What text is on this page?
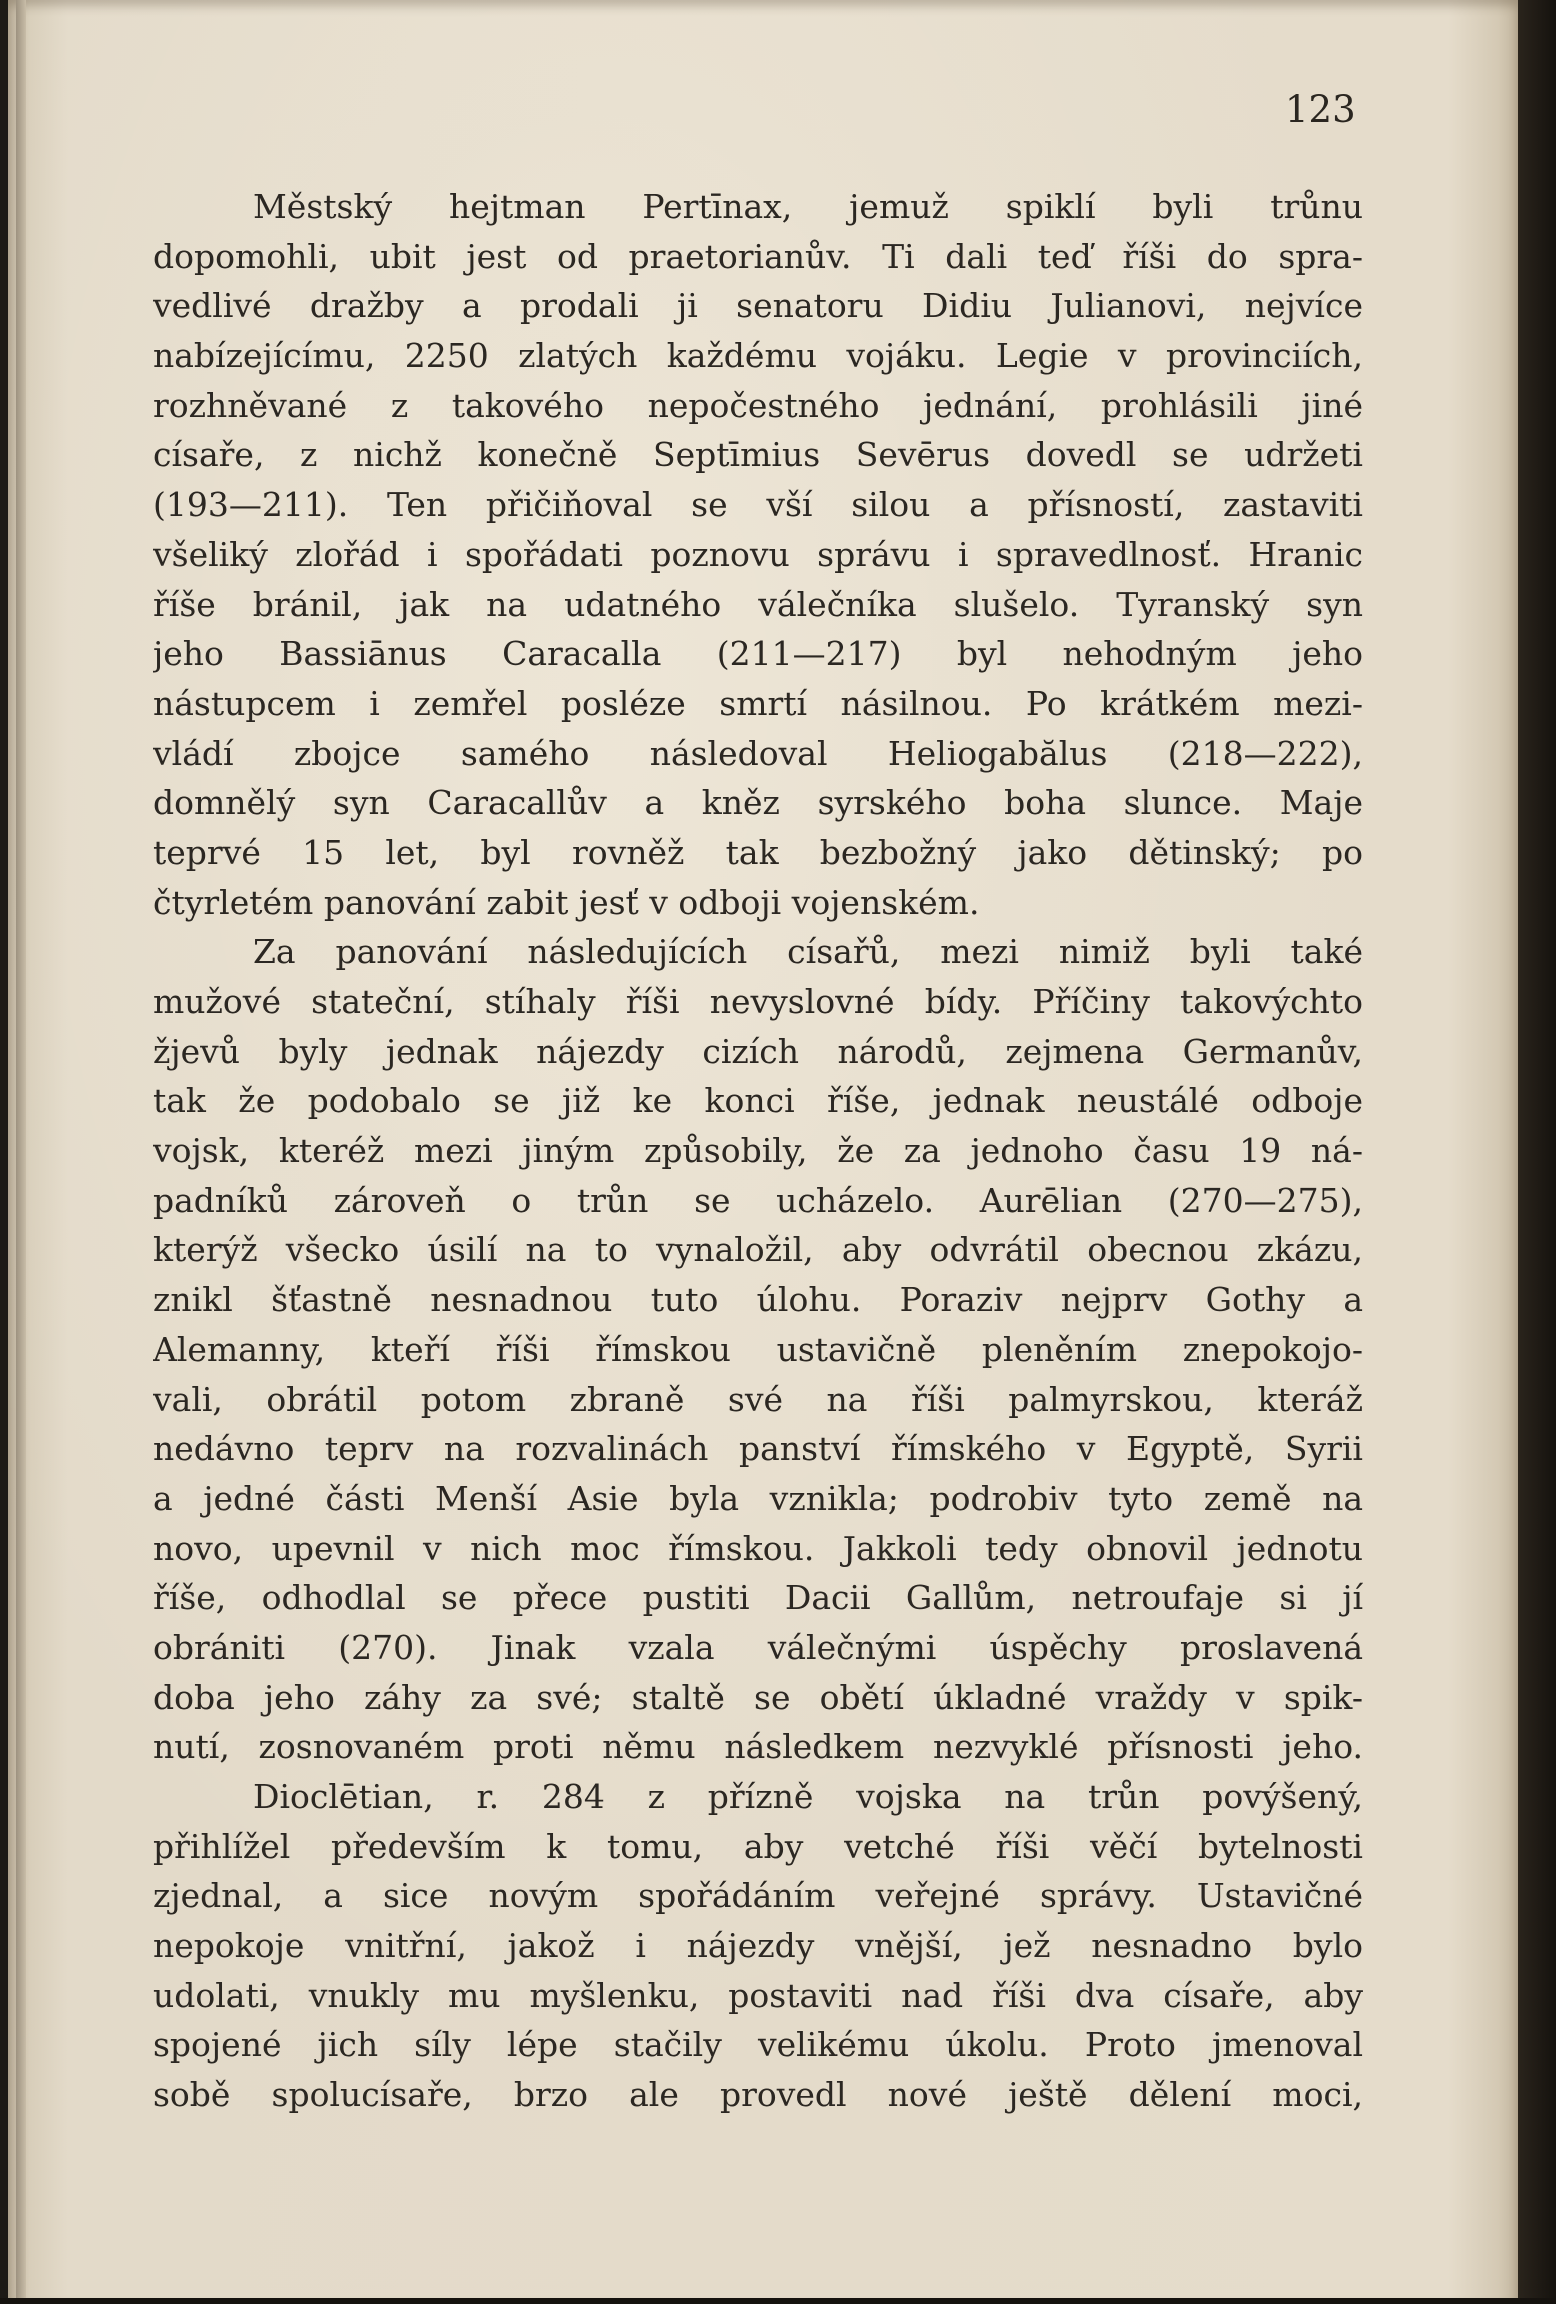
123
Městský hejtman Pertīnax, jemuž spiklí byli trůnu
dopomohli, ubit jest od praetorianův. Ti dali teď říši do spra-
vedlivé dražby a prodali ji senatoru Didiu Julianovi, nejvíce
nabízejícímu, 2250 zlatých každému vojáku. Legie v provinciích,
rozhněvané z takového nepočestného jednání, prohlásili jiné
císaře, z nichž konečně Septīmius Sevērus dovedl se udržeti
(193—211). Ten přičiňoval se vší silou a přísností, zastaviti
všeliký zlořád i spořádati poznovu správu i spravedlnosť. Hranic
říše bránil, jak na udatného válečníka slušelo. Tyranský syn
jeho Bassiānus Caracalla (211—217) byl nehodným jeho
nástupcem i zemřel posléze smrtí násilnou. Po krátkém mezi-
vládí zbojce samého následoval Heliogabălus (218—222),
domnělý syn Caracallův a kněz syrského boha slunce. Maje
teprvé 15 let, byl rovněž tak bezbožný jako dětinský; po
čtyrletém panování zabit jesť v odboji vojenském.
Za panování následujících císařů, mezi nimiž byli také
mužové stateční, stíhaly říši nevyslovné bídy. Příčiny takovýchto
žjevů byly jednak nájezdy cizích národů, zejmena Germanův,
tak že podobalo se již ke konci říše, jednak neustálé odboje
vojsk, kteréž mezi jiným způsobily, že za jednoho času 19 ná-
padníků zároveň o trůn se ucházelo. Aurēlian (270—275),
kterýž všecko úsilí na to vynaložil, aby odvrátil obecnou zkázu,
znikl šťastně nesnadnou tuto úlohu. Poraziv nejprv Gothy a
Alemanny, kteří říši římskou ustavičně pleněním znepokojo-
vali, obrátil potom zbraně své na říši palmyrskou, kteráž
nedávno teprv na rozvalinách panství římského v Egyptě, Syrii
a jedné části Menší Asie byla vznikla; podrobiv tyto země na
novo, upevnil v nich moc římskou. Jakkoli tedy obnovil jednotu
říše, odhodlal se přece pustiti Dacii Gallům, netroufaje si jí
obrániti (270). Jinak vzala válečnými úspěchy proslavená
doba jeho záhy za své; staltě se obětí úkladné vraždy v spik-
nutí, zosnovaném proti němu následkem nezvyklé přísnosti jeho.
Dioclētian, r. 284 z přízně vojska na trůn povýšený,
přihlížel především k tomu, aby vetché říši věčí bytelnosti
zjednal, a sice novým spořádáním veřejné správy. Ustavičné
nepokoje vnitřní, jakož i nájezdy vnější, jež nesnadno bylo
udolati, vnukly mu myšlenku, postaviti nad říši dva císaře, aby
spojené jich síly lépe stačily velikému úkolu. Proto jmenoval
sobě spolucísaře, brzo ale provedl nové ještě dělení moci,
